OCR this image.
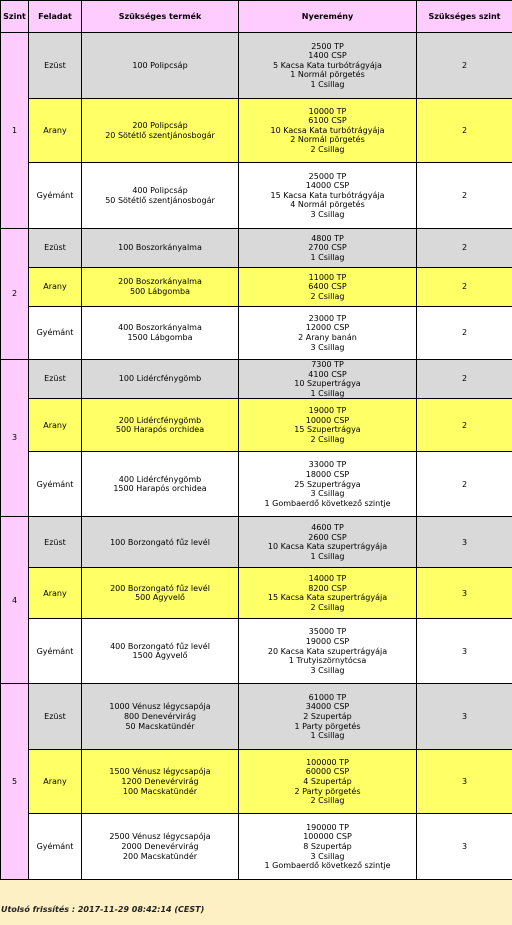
Szint	Feladat	Szükséges termék	Nyeremény	Szükséges szint
1	Ezüst	100 Polipcsáp	2500 TP
1400 CSP
5 Kacsa Kata turbótrágyája
1 Normál pörgetés
1 Csillag	2
	Arany	200 Polipcsáp
20 Sötétlő szentjánosbogár	10000 TP
6100 CSP
10 Kacsa Kata turbótrágyája
2 Normál pörgetés
2 Csillag	2
	Gyémánt	400 Polipcsáp
50 Sötétlő szentjánosbogár	25000 TP
14000 CSP
15 Kacsa Kata turbótrágyája
4 Normál pörgetés
3 Csillag	2
2	Ezüst	100 Boszorkányalma	4800 TP
2700 CSP
1 Csillag	2
	Arany	200 Boszorkányalma
500 Lábgomba	11000 TP
6400 CSP
2 Csillag	2
	Gyémánt	400 Boszorkányalma
1500 Lábgomba	23000 TP
12000 CSP
2 Arany banán
3 Csillag	2
3	Ezüst	100 Lidércfénygömb	7300 TP
4100 CSP
10 Szupertrágya
1 Csillag	2
	Arany	200 Lidércfénygömb
500 Harapós orchidea	19000 TP
10000 CSP
15 Szupertrágya
2 Csillag	2
	Gyémánt	400 Lidércfénygömb
1500 Harapós orchidea	33000 TP
18000 CSP
25 Szupertrágya
3 Csillag
1 Gombaerdő következő szintje	2
4	Ezüst	100 Borzongató fűz levél	4600 TP
2600 CSP
10 Kacsa Kata szupertrágyája
1 Csillag	3
	Arany	200 Borzongató fűz levél
500 Agyvelő	14000 TP
8200 CSP
15 Kacsa Kata szupertrágyája
2 Csillag	3
	Gyémánt	400 Borzongató fűz levél
1500 Agyvelő	35000 TP
19000 CSP
20 Kacsa Kata szupertrágyája
1 Trutyiszörnytócsa
3 Csillag	3
5	Ezüst	1000 Vénusz légycsapója
800 Denevérvirág
50 Macskatündér	61000 TP
34000 CSP
2 Szupertáp
1 Party pörgetés
1 Csillag	3
	Arany	1500 Vénusz légycsapója
1200 Denevérvirág
100 Macskatündér	100000 TP
60000 CSP
4 Szupertáp
2 Party pörgetés
2 Csillag	3
	Gyémánt	2500 Vénusz légycsapója
2000 Denevérvirág
200 Macskatündér	190000 TP
100000 CSP
8 Szupertáp
3 Csillag
1 Gombaerdő következő szintje	3
Utolsó frissítés : 2017-11-29 08:42:14 (CEST)
